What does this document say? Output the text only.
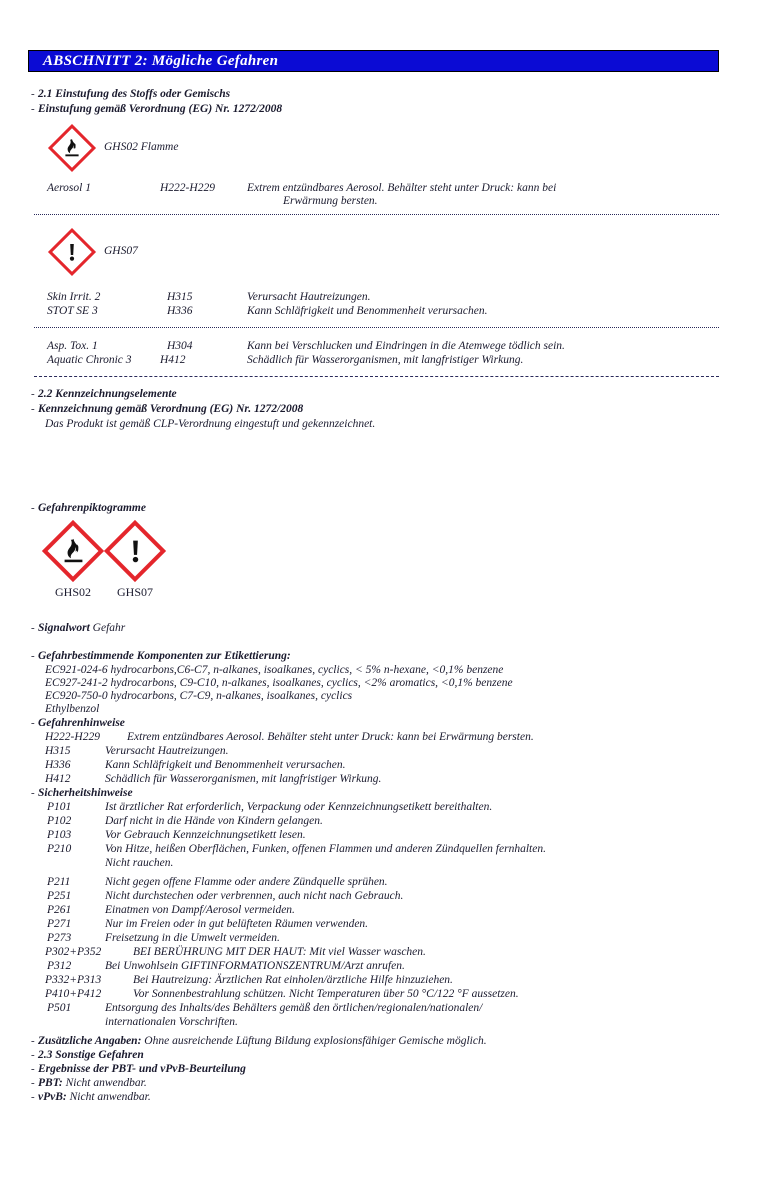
ABSCHNITT 2: Mögliche Gefahren
- 2.1 Einstufung des Stoffs oder Gemischs
- Einstufung gemäß Verordnung (EG) Nr. 1272/2008
GHS02 Flamme
Aerosol 1	H222-H229	Extrem entzündbares Aerosol. Behälter steht unter Druck: kann bei
Erwärmung bersten.
GHS07
Skin Irrit. 2	H315	Verursacht Hautreizungen.
STOT SE 3	H336	Kann Schläfrigkeit und Benommenheit verursachen.
Asp. Tox. 1	H304	Kann bei Verschlucken und Eindringen in die Atemwege tödlich sein.
Aquatic Chronic 3 H412	Schädlich für Wasserorganismen, mit langfristiger Wirkung.
- 2.2 Kennzeichnungselemente
- Kennzeichnung gemäß Verordnung (EG) Nr. 1272/2008
Das Produkt ist gemäß CLP-Verordnung eingestuft und gekennzeichnet.
- Gefahrenpiktogramme
GHS02	GHS07
- Signalwort Gefahr
- Gefahrbestimmende Komponenten zur Etikettierung:
EC921-024-6 hydrocarbons,C6-C7, n-alkanes, isoalkanes, cyclics, < 5% n-hexane, <0,1% benzene
EC927-241-2 hydrocarbons, C9-C10, n-alkanes, isoalkanes, cyclics, <2% aromatics, <0,1% benzene
EC920-750-0 hydrocarbons, C7-C9, n-alkanes, isoalkanes, cyclics
Ethylbenzol
- Gefahrenhinweise
H222-H229 Extrem entzündbares Aerosol. Behälter steht unter Druck: kann bei Erwärmung bersten.
H315	Verursacht Hautreizungen.
H336	Kann Schläfrigkeit und Benommenheit verursachen.
H412	Schädlich für Wasserorganismen, mit langfristiger Wirkung.
- Sicherheitshinweise
P101	Ist ärztlicher Rat erforderlich, Verpackung oder Kennzeichnungsetikett bereithalten.
P102	Darf nicht in die Hände von Kindern gelangen.
P103	Vor Gebrauch Kennzeichnungsetikett lesen.
P210	Von Hitze, heißen Oberflächen, Funken, offenen Flammen und anderen Zündquellen fernhalten.
Nicht rauchen.
P211	Nicht gegen offene Flamme oder andere Zündquelle sprühen.
P251	Nicht durchstechen oder verbrennen, auch nicht nach Gebrauch.
P261	Einatmen von Dampf/Aerosol vermeiden.
P271	Nur im Freien oder in gut belüfteten Räumen verwenden.
P273	Freisetzung in die Umwelt vermeiden.
P302+P352	BEI BERÜHRUNG MIT DER HAUT: Mit viel Wasser waschen.
P312	Bei Unwohlsein GIFTINFORMATIONSZENTRUM/Arzt anrufen.
P332+P313	Bei Hautreizung: Ärztlichen Rat einholen/ärztliche Hilfe hinzuziehen.
P410+P412	Vor Sonnenbestrahlung schützen. Nicht Temperaturen über 50 °C/122 °F aussetzen.
P501	Entsorgung des Inhalts/des Behälters gemäß den örtlichen/regionalen/nationalen/
internationalen Vorschriften.
- Zusätzliche Angaben: Ohne ausreichende Lüftung Bildung explosionsfähiger Gemische möglich.
- 2.3 Sonstige Gefahren
- Ergebnisse der PBT- und vPvB-Beurteilung
- PBT: Nicht anwendbar.
- vPvB: Nicht anwendbar.
